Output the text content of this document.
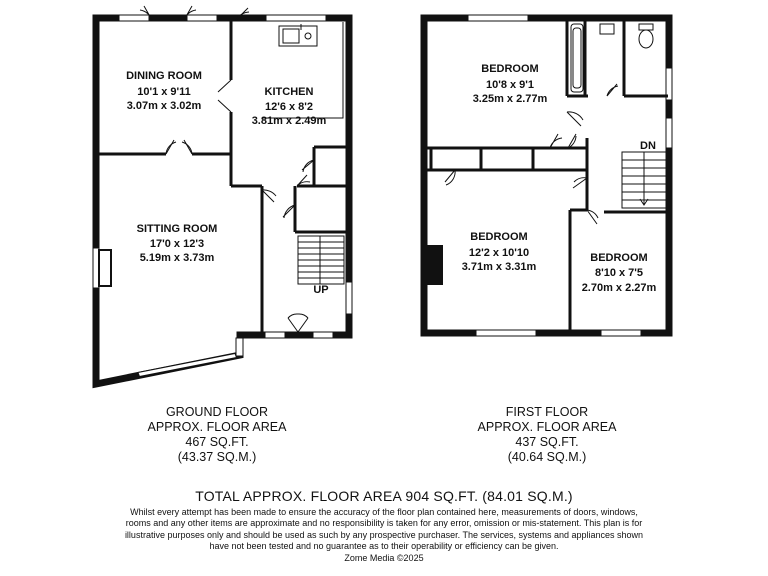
DINING ROOM
10'1 x 9'11
3.07m x 3.02m
KITCHEN
12'6 x 8'2
3.81m x 2.49m
SITTING ROOM
17'0 x 12'3
5.19m x 3.73m
UP
BEDROOM
10'8 x 9'1
3.25m x 2.77m
BEDROOM
12'2 x 10'10
3.71m x 3.31m
BEDROOM
8'10 x 7'5
2.70m x 2.27m
DN
GROUND FLOOR
APPROX. FLOOR AREA
467 SQ.FT.
(43.37 SQ.M.)
FIRST FLOOR
APPROX. FLOOR AREA
437 SQ.FT.
(40.64 SQ.M.)
TOTAL APPROX. FLOOR AREA 904 SQ.FT. (84.01 SQ.M.)
Whilst every attempt has been made to ensure the accuracy of the floor plan contained here, measurements of doors, windows, rooms and any other items are approximate and no responsibility is taken for any error, omission or mis-statement. This plan is for illustrative purposes only and should be used as such by any prospective purchaser. The services, systems and appliances shown have not been tested and no guarantee as to their operability or efficiency can be given.
Zome Media ©2025
